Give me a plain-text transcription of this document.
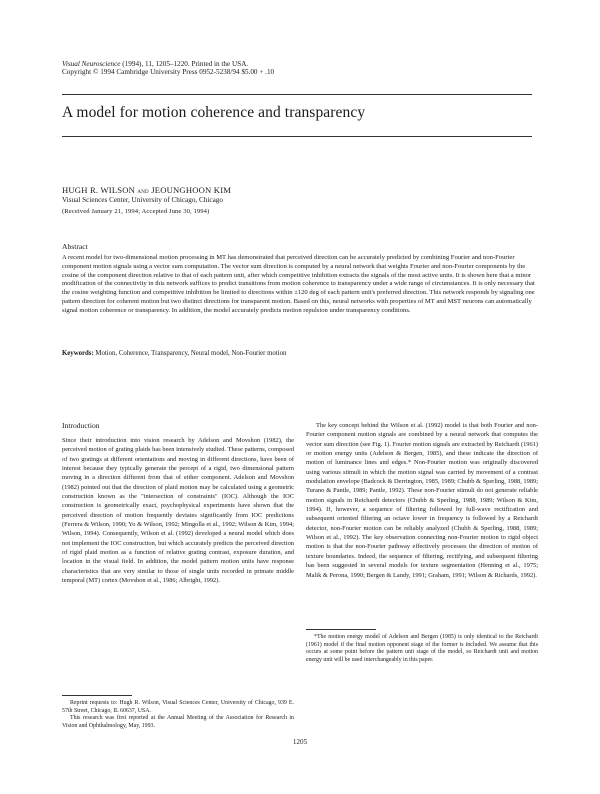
Visual Neuroscience (1994), 11, 1205–1220. Printed in the USA.
Copyright © 1994 Cambridge University Press 0952-5238/94 $5.00 + .10
A model for motion coherence and transparency
HUGH R. WILSON and JEOUNGHOON KIM
Visual Sciences Center, University of Chicago, Chicago
(Received January 21, 1994; Accepted June 30, 1994)
Abstract
A recent model for two-dimensional motion processing in MT has demonstrated that perceived direction can be accurately predicted by combining Fourier and non-Fourier component motion signals using a vector sum computation. The vector sum direction is computed by a neural network that weights Fourier and non-Fourier components by the cosine of the component direction relative to that of each pattern unit, after which competitive inhibition extracts the signals of the most active units. It is shown here that a minor modification of the connectivity in this network suffices to predict transitions from motion coherence to transparency under a wide range of circumstances. It is only necessary that the cosine weighting function and competitive inhibition be limited to directions within ±120 deg of each pattern unit's preferred direction. This network responds by signaling one pattern direction for coherent motion but two distinct directions for transparent motion. Based on this, neural networks with properties of MT and MST neurons can automatically signal motion coherence or transparency. In addition, the model accurately predicts motion repulsion under transparency conditions.
Keywords: Motion, Coherence, Transparency, Neural model, Non-Fourier motion
Introduction

Since their introduction into vision research by Adelson and Movshon (1982), the perceived motion of grating plaids has been intensively studied. These patterns, composed of two gratings at different orientations and moving in different directions, have been of interest because they typically generate the percept of a rigid, two dimensional pattern moving in a direction different from that of either component. Adelson and Movshon (1982) pointed out that the direction of plaid motion may be calculated using a geometric construction known as the "intersection of constraints" (IOC). Although the IOC construction is geometrically exact, psychophysical experiments have shown that the perceived direction of motion frequently deviates significantly from IOC predictions (Ferrera & Wilson, 1990; Yo & Wilson, 1992; Mingolla et al., 1992; Wilson & Kim, 1994; Wilson, 1994). Consequently, Wilson et al. (1992) developed a neural model which does not implement the IOC construction, but which accurately predicts the perceived direction of rigid plaid motion as a function of relative grating contrast, exposure duration, and location in the visual field. In addition, the model pattern motion units have response characteristics that are very similar to those of single units recorded in primate middle temporal (MT) cortex (Movshon et al., 1986; Albright, 1992).

The key concept behind the Wilson et al. (1992) model is that both Fourier and non-Fourier component motion signals are combined by a neural network that computes the vector sum direction (see Fig. 1). Fourier motion signals are extracted by Reichardt (1961) or motion energy units (Adelson & Bergen, 1985), and these indicate the direction of motion of luminance lines and edges.* Non-Fourier motion was originally discovered using various stimuli in which the motion signal was carried by movement of a contrast modulation envelope (Badcock & Derrington, 1985, 1989; Chubb & Sperling, 1988, 1989; Turano & Pantle, 1989; Pantle, 1992). These non-Fourier stimuli do not generate reliable motion signals in Reichardt detectors (Chubb & Sperling, 1988, 1989; Wilson & Kim, 1994). If, however, a sequence of filtering followed by full-wave rectification and subsequent oriented filtering an octave lower in frequency is followed by a Reichardt detector, non-Fourier motion can be reliably analyzed (Chubb & Sperling, 1988, 1989; Wilson et al., 1992). The key observation connecting non-Fourier motion to rigid object motion is that the non-Fourier pathway effectively processes the direction of motion of texture boundaries. Indeed, the sequence of filtering, rectifying, and subsequent filtering has been suggested in several models for texture segmentation (Henning et al., 1975; Malik & Perona, 1990; Bergen & Landy, 1991; Graham, 1991; Wilson & Richards, 1992).

Reprint requests to: Hugh R. Wilson, Visual Sciences Center, University of Chicago, 939 E. 57th Street, Chicago, IL 60637, USA.

This research was first reported at the Annual Meeting of the Association for Research in Vision and Ophthalmology, May, 1993.

*The motion energy model of Adelson and Bergen (1985) is only identical to the Reichardt (1961) model if the final motion opponent stage of the former is included. We assume that this occurs at some point before the pattern unit stage of the model, so Reichardt unit and motion energy unit will be used interchangeably in this paper.

1205
